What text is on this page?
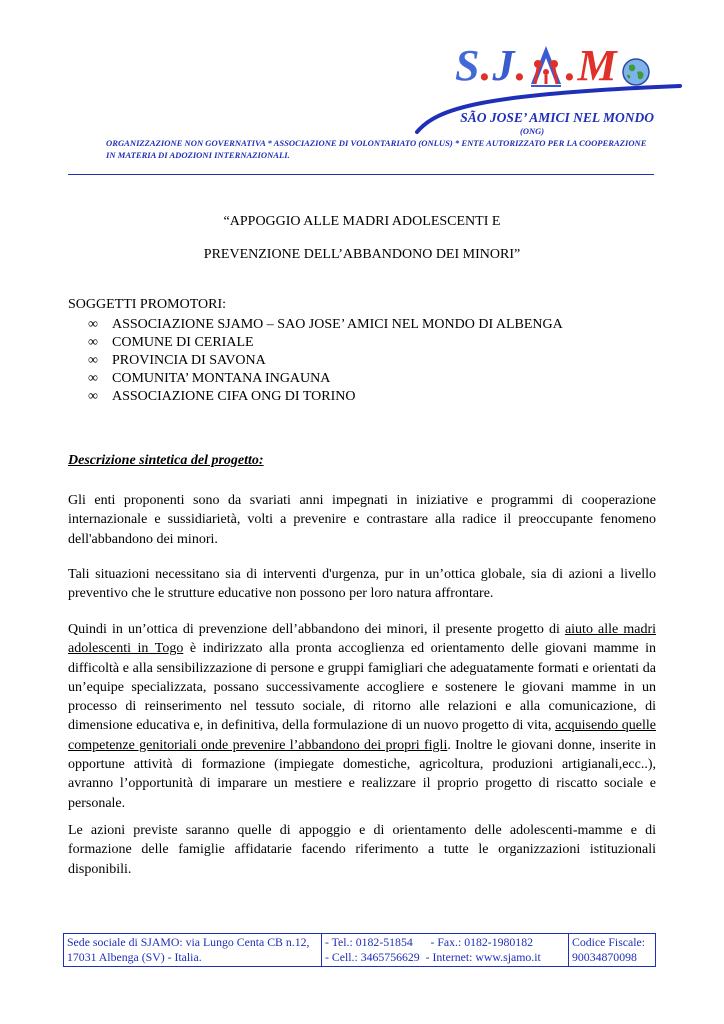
S.J. .M
SÃO JOSE’ AMICI NEL MONDO
(ONG)
ORGANIZZAZIONE NON GOVERNATIVA * ASSOCIAZIONE DI VOLONTARIATO (ONLUS) * ENTE AUTORIZZATO PER LA COOPERAZIONE IN MATERIA DI ADOZIONI INTERNAZIONALI.
“APPOGGIO ALLE MADRI ADOLESCENTI E
PREVENZIONE DELL’ABBANDONO DEI MINORI”
SOGGETTI PROMOTORI:
∞ ASSOCIAZIONE SJAMO – SAO JOSE’ AMICI NEL MONDO DI ALBENGA
∞ COMUNE DI CERIALE
∞ PROVINCIA DI SAVONA
∞ COMUNITA’ MONTANA INGAUNA
∞ ASSOCIAZIONE CIFA ONG DI TORINO
Descrizione sintetica del progetto:

Gli enti proponenti sono da svariati anni impegnati in iniziative e programmi di cooperazione internazionale e sussidiarietà, volti a prevenire e contrastare alla radice il preoccupante fenomeno dell'abbandono dei minori.

Tali situazioni necessitano sia di interventi d'urgenza, pur in un’ottica globale, sia di azioni a livello preventivo che le strutture educative non possono per loro natura affrontare.

Quindi in un’ottica di prevenzione dell’abbandono dei minori, il presente progetto di aiuto alle madri adolescenti in Togo è indirizzato alla pronta accoglienza ed orientamento delle giovani mamme in difficoltà e alla sensibilizzazione di persone e gruppi famigliari che adeguatamente formati e orientati da un’equipe specializzata, possano successivamente accogliere e sostenere le giovani mamme in un processo di reinserimento nel tessuto sociale, di ritorno alle relazioni e alla comunicazione, di dimensione educativa e, in definitiva, della formulazione di un nuovo progetto di vita, acquisendo quelle competenze genitoriali onde prevenire l’abbandono dei propri figli. Inoltre le giovani donne, inserite in opportune attività di formazione (impiegate domestiche, agricoltura, produzioni artigianali,ecc..), avranno l’opportunità di imparare un mestiere e realizzare il proprio progetto di riscatto sociale e personale.

Le azioni previste saranno quelle di appoggio e di orientamento delle adolescenti-mamme e di formazione delle famiglie affidatarie facendo riferimento a tutte le organizzazioni istituzionali disponibili.

Sede sociale di SJAMO: via Lungo Centa CB n.12,
17031 Albenga (SV) - Italia.

- Tel.: 0182-51854      - Fax.: 0182-1980182
- Cell.: 3465756629  - Internet: www.sjamo.it

Codice Fiscale:
90034870098
